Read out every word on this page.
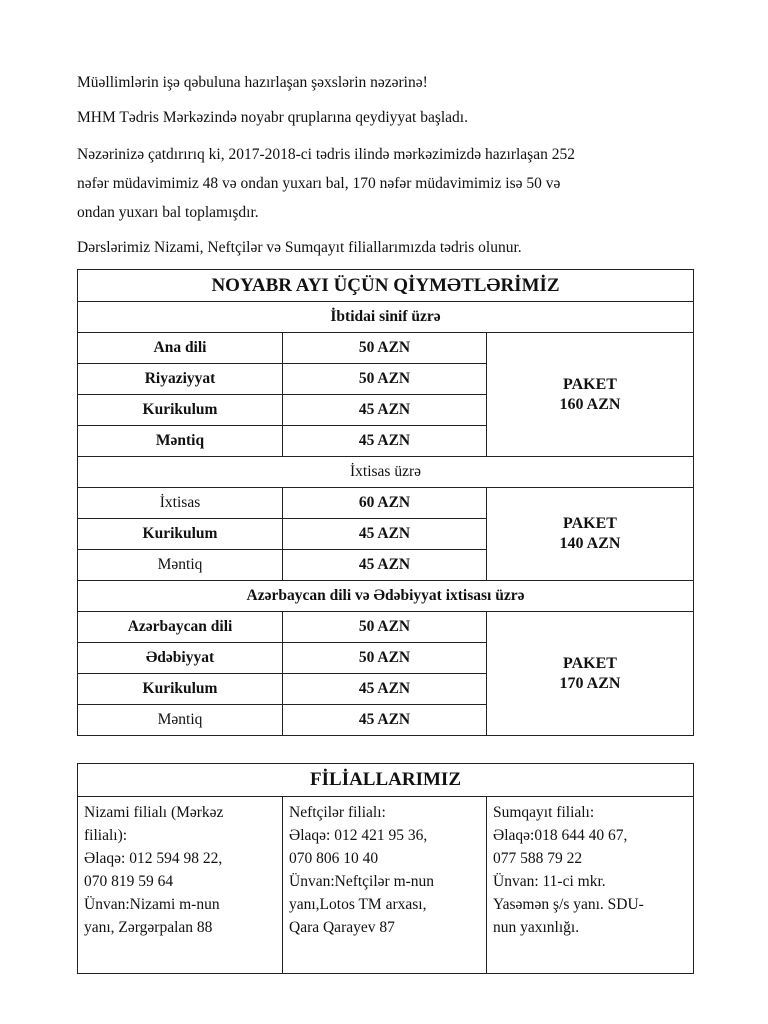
Müəllimlərin işə qəbuluna hazırlaşan şəxslərin nəzərinə!

MHM Tədris Mərkəzində noyabr qruplarına qeydiyyat başladı.

Nəzərinizə çatdırırıq ki, 2017-2018-ci tədris ilində mərkəzimizdə hazırlaşan 252

nəfər müdavimimiz 48 və ondan yuxarı bal, 170 nəfər müdavimimiz isə 50 və

ondan yuxarı bal toplamışdır.

Dərslərimiz Nizami, Neftçilər və Sumqayıt filiallarımızda tədris olunur.

NOYABR AYI ÜÇÜN QİYMƏTLƏRİMİZ		
İbtidai sinif üzrə		
Ana dili	50 AZN	PAKET
160 AZN

Riyaziyyat	50 AZN	
Kurikulum	45 AZN	
Məntiq	45 AZN	
İxtisas üzrə		
İxtisas	60 AZN	PAKET
140 AZN

Kurikulum	45 AZN	
Məntiq	45 AZN	
Azərbaycan dili və Ədəbiyyat ixtisası üzrə		
Azərbaycan dili	50 AZN	PAKET
170 AZN

Ədəbiyyat	50 AZN	
Kurikulum	45 AZN	
Məntiq	45 AZN	
FİLİALLARIMIZ

Nizami filialı (Mərkəz
filialı):
Əlaqə: 012 594 98 22,
070 819 59 64
Ünvan:Nizami m-nun
yanı, Zərgərpalan 88

Neftçilər filialı:
Əlaqə: 012 421 95 36,
070 806 10 40
Ünvan:Neftçilər m-nun
yanı,Lotos TM arxası,
Qara Qarayev 87

Sumqayıt filialı:
Əlaqə:018 644 40 67,
077 588 79 22
Ünvan: 11-ci mkr.
Yasəmən ş/s yanı. SDU-
nun yaxınlığı.
